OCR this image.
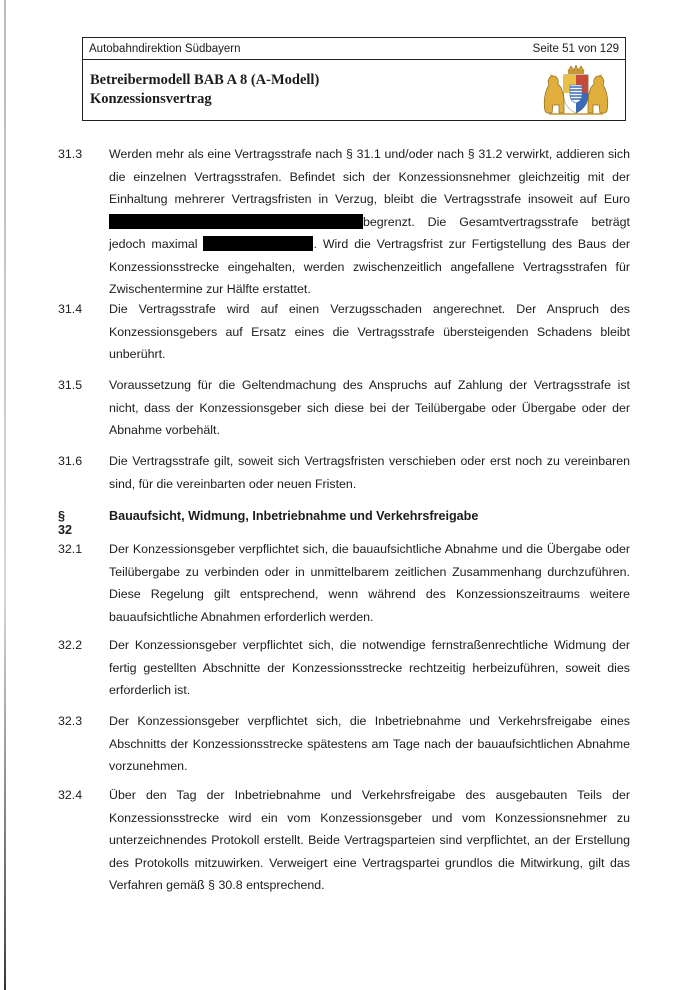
Autobahndirektion Südbayern	Seite 51 von 129
Betreibermodell BAB A 8 (A-Modell)
Konzessionsvertrag
31.3 Werden mehr als eine Vertragsstrafe nach § 31.1 und/oder nach § 31.2 verwirkt, addieren sich die einzelnen Vertragsstrafen. Befindet sich der Konzessionsnehmer gleichzeitig mit der Einhaltung mehrerer Vertragsfristen in Verzug, bleibt die Vertragsstrafe insoweit auf Euro begrenzt. Die Gesamtvertragsstrafe beträgt jedoch maximal	. Wird die Vertragsfrist zur Fertigstellung des Baus der Konzessionsstrecke eingehalten, werden zwischenzeitlich angefallene Vertragsstrafen für Zwischentermine zur Hälfte erstattet.
31.4 Die Vertragsstrafe wird auf einen Verzugsschaden angerechnet. Der Anspruch des Konzessionsgebers auf Ersatz eines die Vertragsstrafe übersteigenden Schadens bleibt unberührt.
31.5 Voraussetzung für die Geltendmachung des Anspruchs auf Zahlung der Vertragsstrafe ist nicht, dass der Konzessionsgeber sich diese bei der Teilübergabe oder Übergabe oder der Abnahme vorbehält.
31.6 Die Vertragsstrafe gilt, soweit sich Vertragsfristen verschieben oder erst noch zu vereinbaren sind, für die vereinbarten oder neuen Fristen.
§ 32
Bauaufsicht, Widmung, Inbetriebnahme und Verkehrsfreigabe
32.1 Der Konzessionsgeber verpflichtet sich, die bauaufsichtliche Abnahme und die Übergabe oder Teilübergabe zu verbinden oder in unmittelbarem zeitlichen Zusammenhang durchzuführen. Diese Regelung gilt entsprechend, wenn während des Konzessionszeitraums weitere bauaufsichtliche Abnahmen erforderlich werden.
32.2 Der Konzessionsgeber verpflichtet sich, die notwendige fernstraßenrechtliche Widmung der fertig gestellten Abschnitte der Konzessionsstrecke rechtzeitig herbeizuführen, soweit dies erforderlich ist.
32.3 Der Konzessionsgeber verpflichtet sich, die Inbetriebnahme und Verkehrsfreigabe eines Abschnitts der Konzessionsstrecke spätestens am Tage nach der bauaufsichtlichen Abnahme vorzunehmen.
32.4 Über den Tag der Inbetriebnahme und Verkehrsfreigabe des ausgebauten Teils der Konzessionsstrecke wird ein vom Konzessionsgeber und vom Konzessionsnehmer zu unterzeichnendes Protokoll erstellt. Beide Vertragsparteien sind verpflichtet, an der Erstellung des Protokolls mitzuwirken. Verweigert eine Vertragspartei grundlos die Mitwirkung, gilt das Verfahren gemäß § 30.8 entsprechend.
